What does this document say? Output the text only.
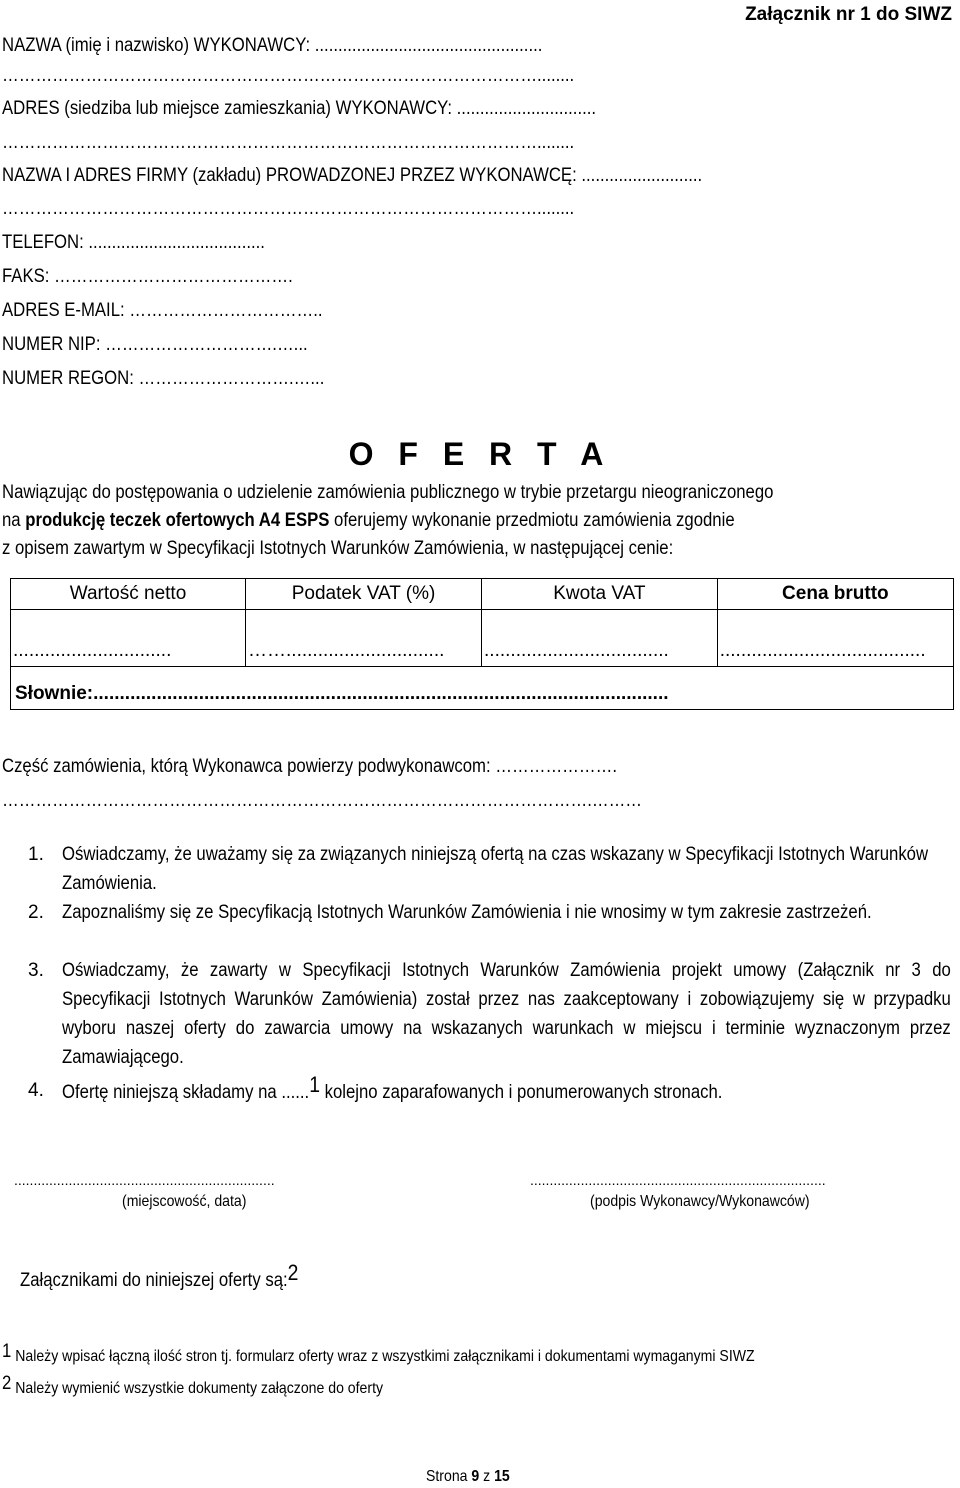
Załącznik nr 1 do SIWZ
NAZWA (imię i nazwisko) WYKONAWCY: .................................................
……………………………………………………………………………………........
ADRES (siedziba lub miejsce zamieszkania) WYKONAWCY: ..............................
……………………………………………………………………………………........
NAZWA I ADRES FIRMY (zakładu) PROWADZONEJ PRZEZ WYKONAWCĘ: ..........................
……………………………………………………………………………………........
TELEFON: ......................................
FAKS: …………………………………….
ADRES E-MAIL: ……………………………..
NUMER NIP: ………………………….…...
NUMER REGON: ……………………….…...
O F E R T A
Nawiązując do postępowania o udzielenie zamówienia publicznego w trybie przetargu nieograniczonego
na produkcję teczek ofertowych A4 ESPS oferujemy wykonanie przedmiotu zamówienia zgodnie
z opisem zawartym w Specyfikacji Istotnych Warunków Zamówienia, w następującej cenie:
Wartość netto	Podatek VAT (%)	Kwota VAT	Cena brutto
..............................	……..............................	...................................	.......................................
Słownie:.............................................................................................................			
Część zamówienia, którą Wykonawca powierzy podwykonawcom: ………………….
…………………………………………………………………………………………….………
1. Oświadczamy, że uważamy się za związanych niniejszą ofertą na czas wskazany w Specyfikacji Istotnych Warunków Zamówienia.
2. Zapoznaliśmy się ze Specyfikacją Istotnych Warunków Zamówienia i nie wnosimy w tym zakresie zastrzeżeń.
3. Oświadczamy, że zawarty w Specyfikacji Istotnych Warunków Zamówienia projekt umowy (Załącznik nr 3 do Specyfikacji Istotnych Warunków Zamówienia) został przez nas zaakceptowany i zobowiązujemy się w przypadku wyboru naszej oferty do zawarcia umowy na wskazanych warunkach w miejscu i terminie wyznaczonym przez Zamawiającego.
4. Ofertę niniejszą składamy na ......1 kolejno zaparafowanych i ponumerowanych stronach.
...................................................................
(miejscowość, data)
............................................................................
(podpis Wykonawcy/Wykonawców)
Załącznikami do niniejszej oferty są:2
1 Należy wpisać łączną ilość stron tj. formularz oferty wraz z wszystkimi załącznikami i dokumentami wymaganymi SIWZ
2 Należy wymienić wszystkie dokumenty załączone do oferty
Strona 9 z 15
